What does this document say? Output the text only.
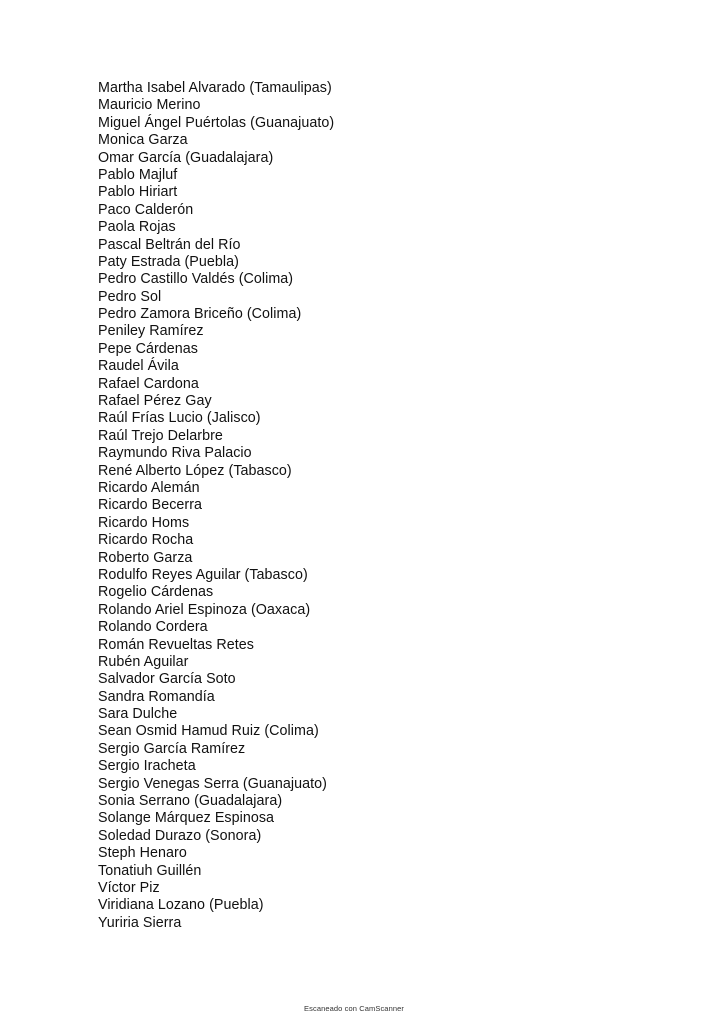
Martha Isabel Alvarado (Tamaulipas)
Mauricio Merino
Miguel Ángel Puértolas (Guanajuato)
Monica Garza
Omar García (Guadalajara)
Pablo Majluf
Pablo Hiriart
Paco Calderón
Paola Rojas
Pascal Beltrán del Río
Paty Estrada (Puebla)
Pedro Castillo Valdés (Colima)
Pedro Sol
Pedro Zamora Briceño (Colima)
Peniley Ramírez
Pepe Cárdenas
Raudel Ávila
Rafael Cardona
Rafael Pérez Gay
Raúl Frías Lucio (Jalisco)
Raúl Trejo Delarbre
Raymundo Riva Palacio
René Alberto López (Tabasco)
Ricardo Alemán
Ricardo Becerra
Ricardo Homs
Ricardo Rocha
Roberto Garza
Rodulfo Reyes Aguilar (Tabasco)
Rogelio Cárdenas
Rolando Ariel Espinoza (Oaxaca)
Rolando Cordera
Román Revueltas Retes
Rubén Aguilar
Salvador García Soto
Sandra Romandía
Sara Dulche
Sean Osmid Hamud Ruiz (Colima)
Sergio García Ramírez
Sergio Iracheta
Sergio Venegas Serra (Guanajuato)
Sonia Serrano (Guadalajara)
Solange Márquez Espinosa
Soledad Durazo (Sonora)
Steph Henaro
Tonatiuh Guillén
Víctor Piz
Viridiana Lozano (Puebla)
Yuriria Sierra
Escaneado con CamScanner
